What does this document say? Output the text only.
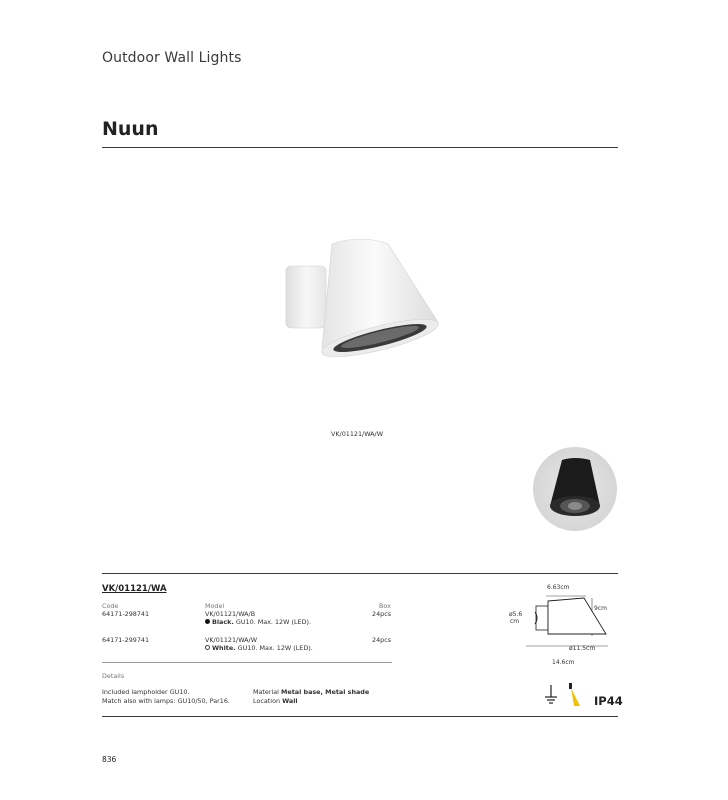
Outdoor Wall Lights
Nuun
VK/01121/WA/W
VK/01121/WA
Code	Model	Box
64171-298741	VK/01121/WA/B	24pcs
Black. GU10. Max. 12W (LED).
64171-299741	VK/01121/WA/W	24pcs
White. GU10. Max. 12W (LED).
Details
Included lampholder GU10.
Match also with lamps: GU10/50, Par16.
Material Metal base, Metal shade
Location Wall
6.63cm
9cm
ø5.6
cm
ø11.5cm
14.6cm
IP44
836
